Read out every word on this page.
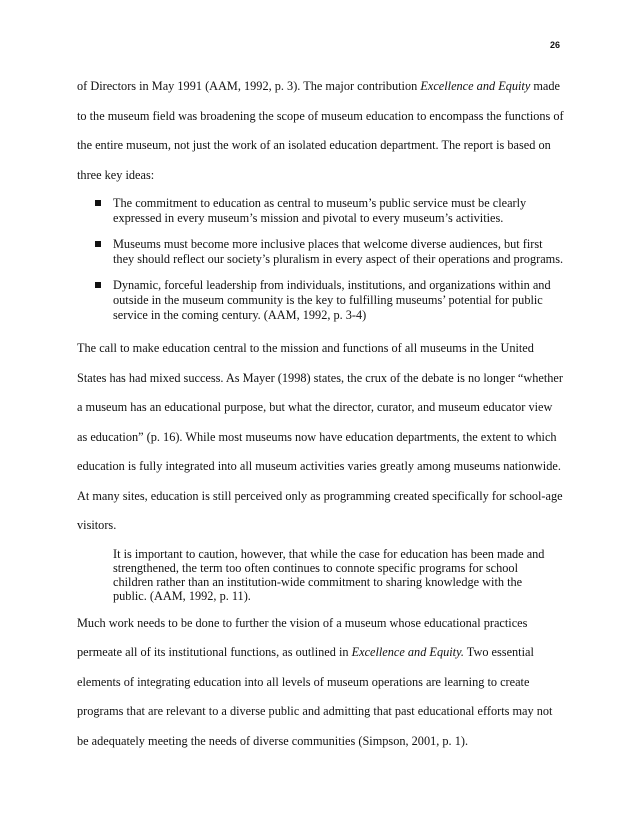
26

of Directors in May 1991 (AAM, 1992, p. 3). The major contribution Excellence and Equity made to the museum field was broadening the scope of museum education to encompass the functions of the entire museum, not just the work of an isolated education department. The report is based on three key ideas:

The commitment to education as central to museum’s public service must be clearly expressed in every museum’s mission and pivotal to every museum’s activities.
Museums must become more inclusive places that welcome diverse audiences, but first they should reflect our society’s pluralism in every aspect of their operations and programs.
Dynamic, forceful leadership from individuals, institutions, and organizations within and outside in the museum community is the key to fulfilling museums’ potential for public service in the coming century. (AAM, 1992, p. 3-4)

The call to make education central to the mission and functions of all museums in the United States has had mixed success. As Mayer (1998) states, the crux of the debate is no longer “whether a museum has an educational purpose, but what the director, curator, and museum educator view as education” (p. 16). While most museums now have education departments, the extent to which education is fully integrated into all museum activities varies greatly among museums nationwide. At many sites, education is still perceived only as programming created specifically for school-age visitors.

It is important to caution, however, that while the case for education has been made and strengthened, the term too often continues to connote specific programs for school children rather than an institution-wide commitment to sharing knowledge with the public. (AAM, 1992, p. 11).

Much work needs to be done to further the vision of a museum whose educational practices permeate all of its institutional functions, as outlined in Excellence and Equity. Two essential elements of integrating education into all levels of museum operations are learning to create programs that are relevant to a diverse public and admitting that past educational efforts may not be adequately meeting the needs of diverse communities (Simpson, 2001, p. 1).
